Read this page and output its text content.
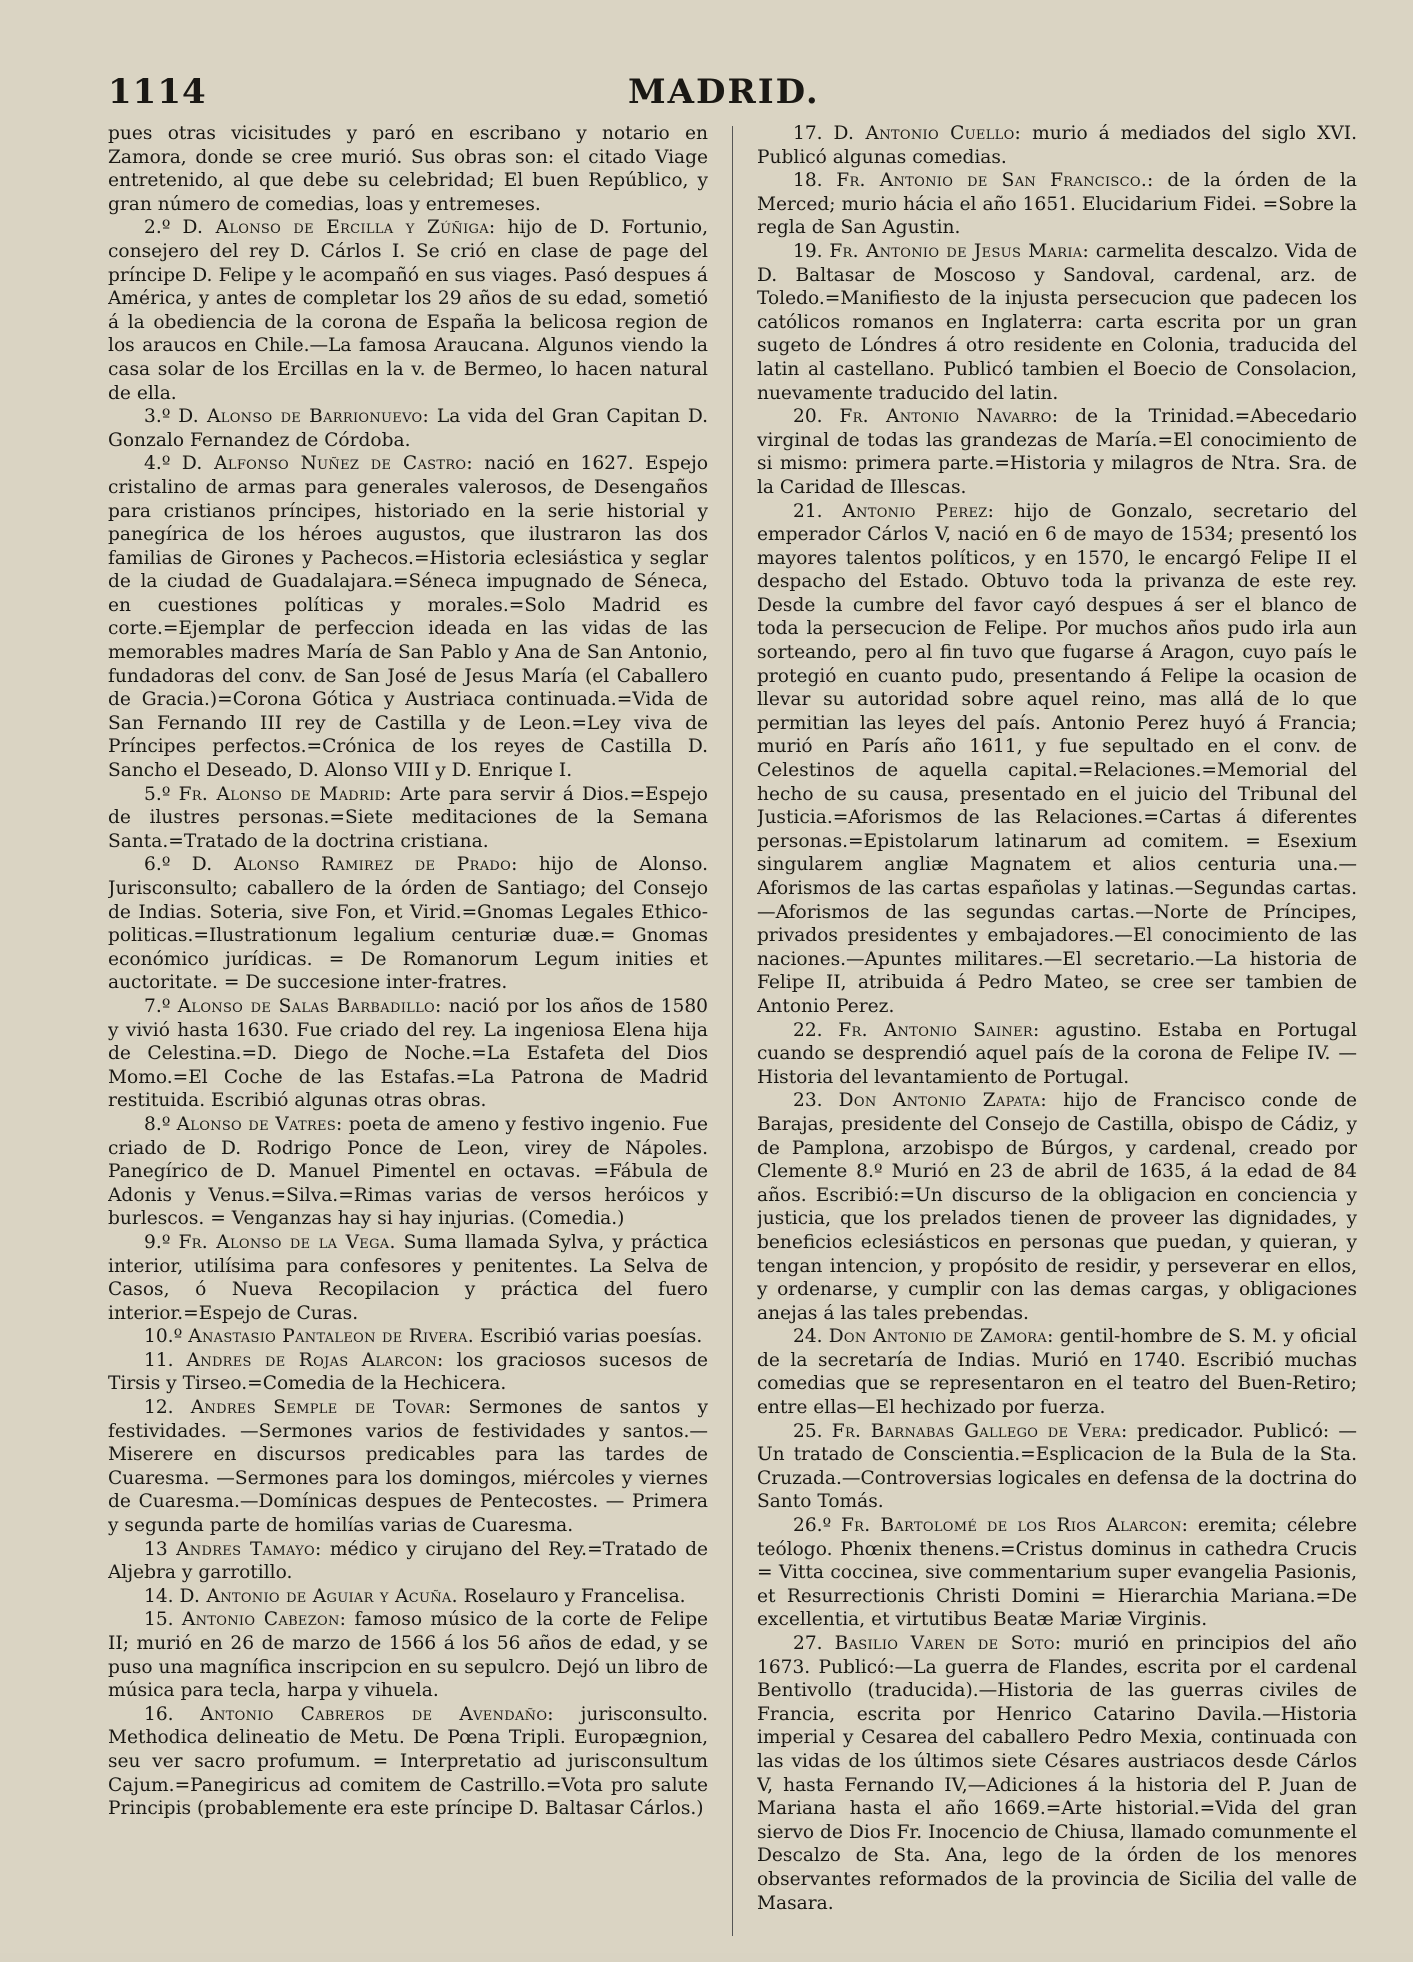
1114	MADRID.

pues otras vicisitudes y paró en escribano y notario en Zamora, donde se cree murió. Sus obras son: el citado Viage entretenido, al que debe su celebridad; El buen Repúblico, y gran número de comedias, loas y entremeses.

2.º D. Alonso de Ercilla y Zúñiga: hijo de D. Fortunio, consejero del rey D. Cárlos I. Se crió en clase de page del príncipe D. Felipe y le acompañó en sus viages. Pasó despues á América, y antes de completar los 29 años de su edad, sometió á la obediencia de la corona de España la belicosa region de los araucos en Chile.—La famosa Araucana. Algunos viendo la casa solar de los Ercillas en la v. de Bermeo, lo hacen natural de ella.

3.º D. Alonso de Barrionuevo: La vida del Gran Capitan D. Gonzalo Fernandez de Córdoba.

4.º D. Alfonso Nuñez de Castro: nació en 1627. Espejo cristalino de armas para generales valerosos, de Desengaños para cristianos príncipes, historiado en la serie historial y panegírica de los héroes augustos, que ilustraron las dos familias de Girones y Pachecos.=Historia eclesiástica y seglar de la ciudad de Guadalajara.=Séneca impugnado de Séneca, en cuestiones políticas y morales.=Solo Madrid es corte.=Ejemplar de perfeccion ideada en las vidas de las memorables madres María de San Pablo y Ana de San Antonio, fundadoras del conv. de San José de Jesus María (el Caballero de Gracia.)=Corona Gótica y Austriaca continuada.=Vida de San Fernando III rey de Castilla y de Leon.=Ley viva de Príncipes perfectos.=Crónica de los reyes de Castilla D. Sancho el Deseado, D. Alonso VIII y D. Enrique I.

5.º Fr. Alonso de Madrid: Arte para servir á Dios.=Espejo de ilustres personas.=Siete meditaciones de la Semana Santa.=Tratado de la doctrina cristiana.

6.º D. Alonso Ramirez de Prado: hijo de Alonso. Jurisconsulto; caballero de la órden de Santiago; del Consejo de Indias. Soteria, sive Fon, et Virid.=Gnomas Legales Ethico-politicas.=Ilustrationum legalium centuriæ duæ.= Gnomas económico jurídicas. = De Romanorum Legum inities et auctoritate. = De succesione inter-fratres.

7.º Alonso de Salas Barbadillo: nació por los años de 1580 y vivió hasta 1630. Fue criado del rey. La ingeniosa Elena hija de Celestina.=D. Diego de Noche.=La Estafeta del Dios Momo.=El Coche de las Estafas.=La Patrona de Madrid restituida. Escribió algunas otras obras.

8.º Alonso de Vatres: poeta de ameno y festivo ingenio. Fue criado de D. Rodrigo Ponce de Leon, virey de Nápoles. Panegírico de D. Manuel Pimentel en octavas. =Fábula de Adonis y Venus.=Silva.=Rimas varias de versos heróicos y burlescos. = Venganzas hay si hay injurias. (Comedia.)

9.º Fr. Alonso de la Vega. Suma llamada Sylva, y práctica interior, utilísima para confesores y penitentes. La Selva de Casos, ó Nueva Recopilacion y práctica del fuero interior.=Espejo de Curas.

10.º Anastasio Pantaleon de Rivera. Escribió varias poesías.

11. Andres de Rojas Alarcon: los graciosos sucesos de Tirsis y Tirseo.=Comedia de la Hechicera.

12. Andres Semple de Tovar: Sermones de santos y festividades. —Sermones varios de festividades y santos.—Miserere en discursos predicables para las tardes de Cuaresma. —Sermones para los domingos, miércoles y viernes de Cuaresma.—Domínicas despues de Pentecostes. — Primera y segunda parte de homilías varias de Cuaresma.

13 Andres Tamayo: médico y cirujano del Rey.=Tratado de Aljebra y garrotillo.

14. D. Antonio de Aguiar y Acuña. Roselauro y Francelisa.

15. Antonio Cabezon: famoso músico de la corte de Felipe II; murió en 26 de marzo de 1566 á los 56 años de edad, y se puso una magnífica inscripcion en su sepulcro. Dejó un libro de música para tecla, harpa y vihuela.

16. Antonio Cabreros de Avendaño: jurisconsulto. Methodica delineatio de Metu. De Pœna Tripli. Europægnion, seu ver sacro profumum. = Interpretatio ad jurisconsultum Cajum.=Panegiricus ad comitem de Castrillo.=Vota pro salute Principis (probablemente era este príncipe D. Baltasar Cárlos.)

17. D. Antonio Cuello: murio á mediados del siglo XVI. Publicó algunas comedias.

18. Fr. Antonio de San Francisco.: de la órden de la Merced; murio hácia el año 1651. Elucidarium Fidei. =Sobre la regla de San Agustin.

19. Fr. Antonio de Jesus Maria: carmelita descalzo. Vida de D. Baltasar de Moscoso y Sandoval, cardenal, arz. de Toledo.=Manifiesto de la injusta persecucion que padecen los católicos romanos en Inglaterra: carta escrita por un gran sugeto de Lóndres á otro residente en Colonia, traducida del latin al castellano. Publicó tambien el Boecio de Consolacion, nuevamente traducido del latin.

20. Fr. Antonio Navarro: de la Trinidad.=Abecedario virginal de todas las grandezas de María.=El conocimiento de si mismo: primera parte.=Historia y milagros de Ntra. Sra. de la Caridad de Illescas.

21. Antonio Perez: hijo de Gonzalo, secretario del emperador Cárlos V, nació en 6 de mayo de 1534; presentó los mayores talentos políticos, y en 1570, le encargó Felipe II el despacho del Estado. Obtuvo toda la privanza de este rey. Desde la cumbre del favor cayó despues á ser el blanco de toda la persecucion de Felipe. Por muchos años pudo irla aun sorteando, pero al fin tuvo que fugarse á Aragon, cuyo país le protegió en cuanto pudo, presentando á Felipe la ocasion de llevar su autoridad sobre aquel reino, mas allá de lo que permitian las leyes del país. Antonio Perez huyó á Francia; murió en París año 1611, y fue sepultado en el conv. de Celestinos de aquella capital.=Relaciones.=Memorial del hecho de su causa, presentado en el juicio del Tribunal del Justicia.=Aforismos de las Relaciones.=Cartas á diferentes personas.=Epistolarum latinarum ad comitem. = Esexium singularem angliæ Magnatem et alios centuria una.—Aforismos de las cartas españolas y latinas.—Segundas cartas.—Aforismos de las segundas cartas.—Norte de Príncipes, privados presidentes y embajadores.—El conocimiento de las naciones.—Apuntes militares.—El secretario.—La historia de Felipe II, atribuida á Pedro Mateo, se cree ser tambien de Antonio Perez.

22. Fr. Antonio Sainer: agustino. Estaba en Portugal cuando se desprendió aquel país de la corona de Felipe IV. —Historia del levantamiento de Portugal.

23. Don Antonio Zapata: hijo de Francisco conde de Barajas, presidente del Consejo de Castilla, obispo de Cádiz, y de Pamplona, arzobispo de Búrgos, y cardenal, creado por Clemente 8.º Murió en 23 de abril de 1635, á la edad de 84 años. Escribió:=Un discurso de la obligacion en conciencia y justicia, que los prelados tienen de proveer las dignidades, y beneficios eclesiásticos en personas que puedan, y quieran, y tengan intencion, y propósito de residir, y perseverar en ellos, y ordenarse, y cumplir con las demas cargas, y obligaciones anejas á las tales prebendas.

24. Don Antonio de Zamora: gentil-hombre de S. M. y oficial de la secretaría de Indias. Murió en 1740. Escribió muchas comedias que se representaron en el teatro del Buen-Retiro; entre ellas—El hechizado por fuerza.

25. Fr. Barnabas Gallego de Vera: predicador. Publicó: —Un tratado de Conscientia.=Esplicacion de la Bula de la Sta. Cruzada.—Controversias logicales en defensa de la doctrina do Santo Tomás.

26.º Fr. Bartolomé de los Rios Alarcon: eremita; célebre teólogo. Phœnix thenens.=Cristus dominus in cathedra Crucis = Vitta coccinea, sive commentarium super evangelia Pasionis, et Resurrectionis Christi Domini = Hierarchia Mariana.=De excellentia, et virtutibus Beatæ Mariæ Virginis.

27. Basilio Varen de Soto: murió en principios del año 1673. Publicó:—La guerra de Flandes, escrita por el cardenal Bentivollo (traducida).—Historia de las guerras civiles de Francia, escrita por Henrico Catarino Davila.—Historia imperial y Cesarea del caballero Pedro Mexia, continuada con las vidas de los últimos siete Césares austriacos desde Cárlos V, hasta Fernando IV,—Adiciones á la historia del P. Juan de Mariana hasta el año 1669.=Arte historial.=Vida del gran siervo de Dios Fr. Inocencio de Chiusa, llamado comunmente el Descalzo de Sta. Ana, lego de la órden de los menores observantes reformados de la provincia de Sicilia del valle de Masara.
